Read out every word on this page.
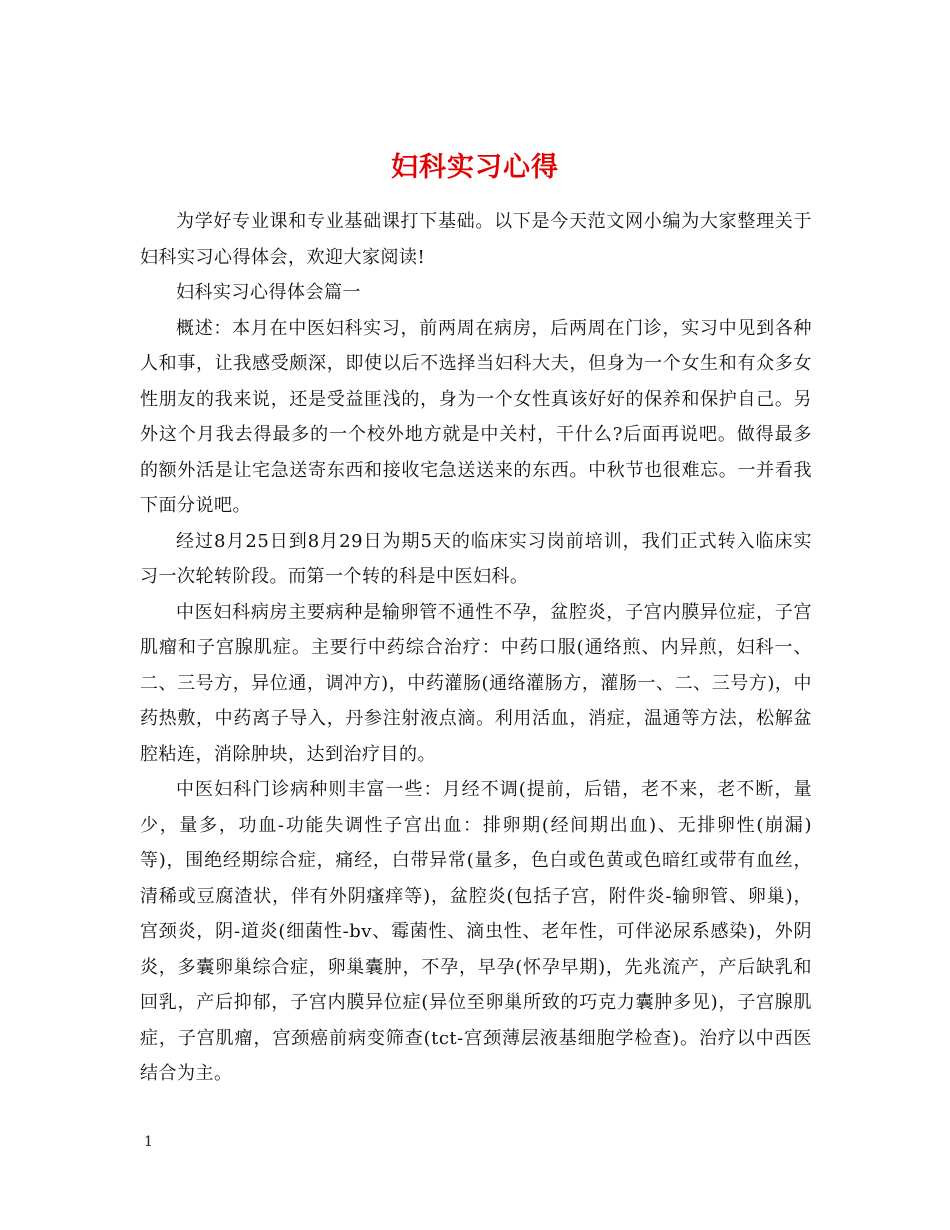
妇科实习心得

为学好专业课和专业基础课打下基础。以下是今天范文网小编为大家整理关于妇科实习心得体会，欢迎大家阅读!

妇科实习心得体会篇一

概述：本月在中医妇科实习，前两周在病房，后两周在门诊，实习中见到各种人和事，让我感受颇深，即使以后不选择当妇科大夫，但身为一个女生和有众多女性朋友的我来说，还是受益匪浅的，身为一个女性真该好好的保养和保护自己。另外这个月我去得最多的一个校外地方就是中关村，干什么?后面再说吧。做得最多的额外活是让宅急送寄东西和接收宅急送送来的东西。中秋节也很难忘。一并看我下面分说吧。

经过8月25日到8月29日为期5天的临床实习岗前培训，我们正式转入临床实习一次轮转阶段。而第一个转的科是中医妇科。

中医妇科病房主要病种是输卵管不通性不孕，盆腔炎，子宫内膜异位症，子宫肌瘤和子宫腺肌症。主要行中药综合治疗：中药口服(通络煎、内异煎，妇科一、二、三号方，异位通，调冲方)，中药灌肠(通络灌肠方，灌肠一、二、三号方)，中药热敷，中药离子导入，丹参注射液点滴。利用活血，消症，温通等方法，松解盆腔粘连，消除肿块，达到治疗目的。

中医妇科门诊病种则丰富一些：月经不调(提前，后错，老不来，老不断，量少，量多，功血-功能失调性子宫出血：排卵期(经间期出血)、无排卵性(崩漏)等)，围绝经期综合症，痛经，白带异常(量多，色白或色黄或色暗红或带有血丝，清稀或豆腐渣状，伴有外阴瘙痒等)，盆腔炎(包括子宫，附件炎-输卵管、卵巢)，宫颈炎，阴-道炎(细菌性-bv、霉菌性、滴虫性、老年性，可伴泌尿系感染)，外阴炎，多囊卵巢综合症，卵巢囊肿，不孕，早孕(怀孕早期)，先兆流产，产后缺乳和回乳，产后抑郁，子宫内膜异位症(异位至卵巢所致的巧克力囊肿多见)，子宫腺肌症，子宫肌瘤，宫颈癌前病变筛查(tct-宫颈薄层液基细胞学检查)。治疗以中西医结合为主。

1
